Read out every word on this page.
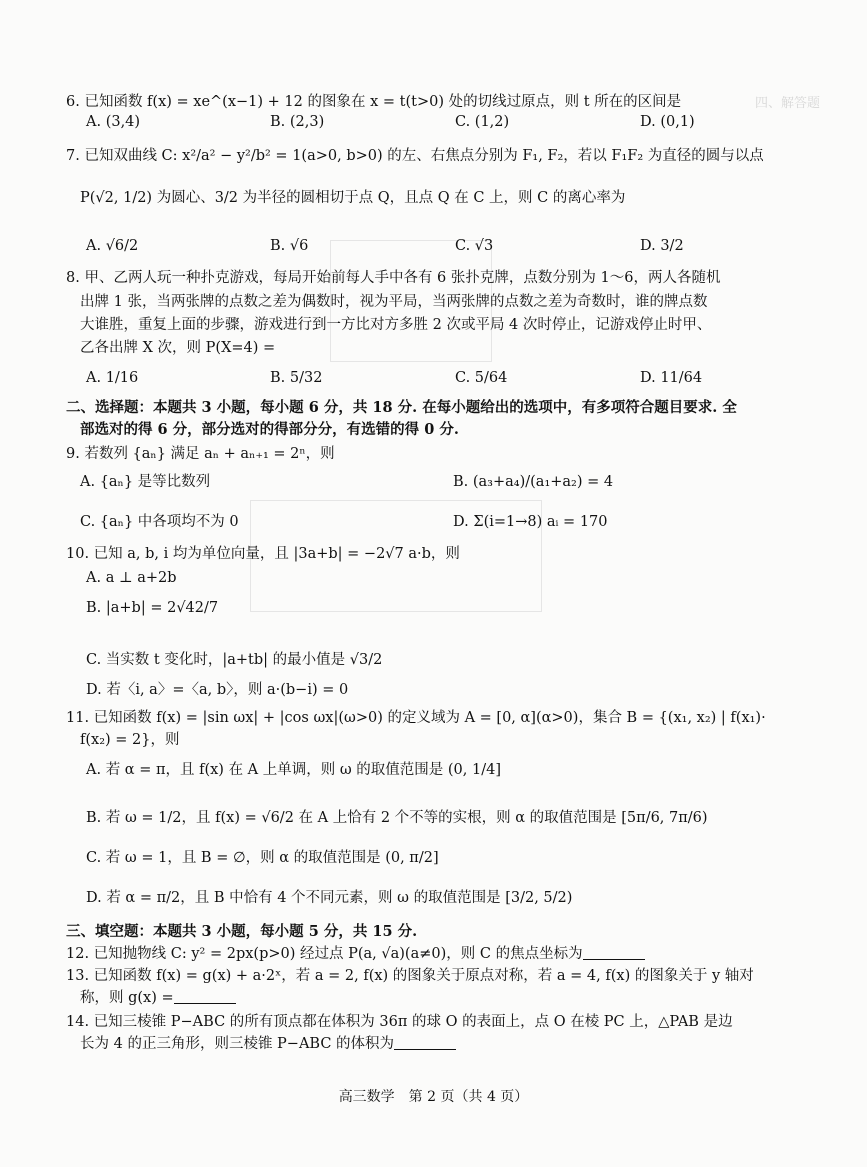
四、解答题
6. 已知函数 f(x) = xe^(x−1) + 12 的图象在 x = t(t>0) 处的切线过原点，则 t 所在的区间是
A. (3,4)	B. (2,3)	C. (1,2)	D. (0,1)
7. 已知双曲线 C: x²/a² − y²/b² = 1(a>0, b>0) 的左、右焦点分别为 F₁, F₂，若以 F₁F₂ 为直径的圆与以点
P(√2, 1/2) 为圆心、3/2 为半径的圆相切于点 Q，且点 Q 在 C 上，则 C 的离心率为
A. √6/2	B. √6	C. √3	D. 3/2
8. 甲、乙两人玩一种扑克游戏，每局开始前每人手中各有 6 张扑克牌，点数分别为 1～6，两人各随机
出牌 1 张，当两张牌的点数之差为偶数时，视为平局，当两张牌的点数之差为奇数时，谁的牌点数
大谁胜，重复上面的步骤，游戏进行到一方比对方多胜 2 次或平局 4 次时停止，记游戏停止时甲、
乙各出牌 X 次，则 P(X=4) =
A. 1/16	B. 5/32	C. 5/64	D. 11/64
二、选择题：本题共 3 小题，每小题 6 分，共 18 分. 在每小题给出的选项中，有多项符合题目要求. 全
部选对的得 6 分，部分选对的得部分分，有选错的得 0 分.
9. 若数列 {aₙ} 满足 aₙ + aₙ₊₁ = 2ⁿ，则
A. {aₙ} 是等比数列	B. (a₃+a₄)/(a₁+a₂) = 4
C. {aₙ} 中各项均不为 0	D. Σ(i=1→8) aᵢ = 170
10. 已知 a, b, i 均为单位向量，且 |3a+b| = −2√7 a·b，则
A. a ⊥ a+2b
B. |a+b| = 2√42/7
C. 当实数 t 变化时，|a+tb| 的最小值是 √3/2
D. 若〈i, a〉=〈a, b〉，则 a·(b−i) = 0
11. 已知函数 f(x) = |sin ωx| + |cos ωx|(ω>0) 的定义域为 A = [0, α](α>0)，集合 B = {(x₁, x₂) | f(x₁)·
f(x₂) = 2}，则
A. 若 α = π，且 f(x) 在 A 上单调，则 ω 的取值范围是 (0, 1/4]
B. 若 ω = 1/2，且 f(x) = √6/2 在 A 上恰有 2 个不等的实根，则 α 的取值范围是 [5π/6, 7π/6)
C. 若 ω = 1，且 B = ∅，则 α 的取值范围是 (0, π/2]
D. 若 α = π/2，且 B 中恰有 4 个不同元素，则 ω 的取值范围是 [3/2, 5/2)
三、填空题：本题共 3 小题，每小题 5 分，共 15 分.
12. 已知抛物线 C: y² = 2px(p>0) 经过点 P(a, √a)(a≠0)，则 C 的焦点坐标为
13. 已知函数 f(x) = g(x) + a·2ˣ，若 a = 2, f(x) 的图象关于原点对称，若 a = 4, f(x) 的图象关于 y 轴对
称，则 g(x) =
14. 已知三棱锥 P−ABC 的所有顶点都在体积为 36π 的球 O 的表面上，点 O 在棱 PC 上，△PAB 是边
长为 4 的正三角形，则三棱锥 P−ABC 的体积为
高三数学　第 2 页（共 4 页）
